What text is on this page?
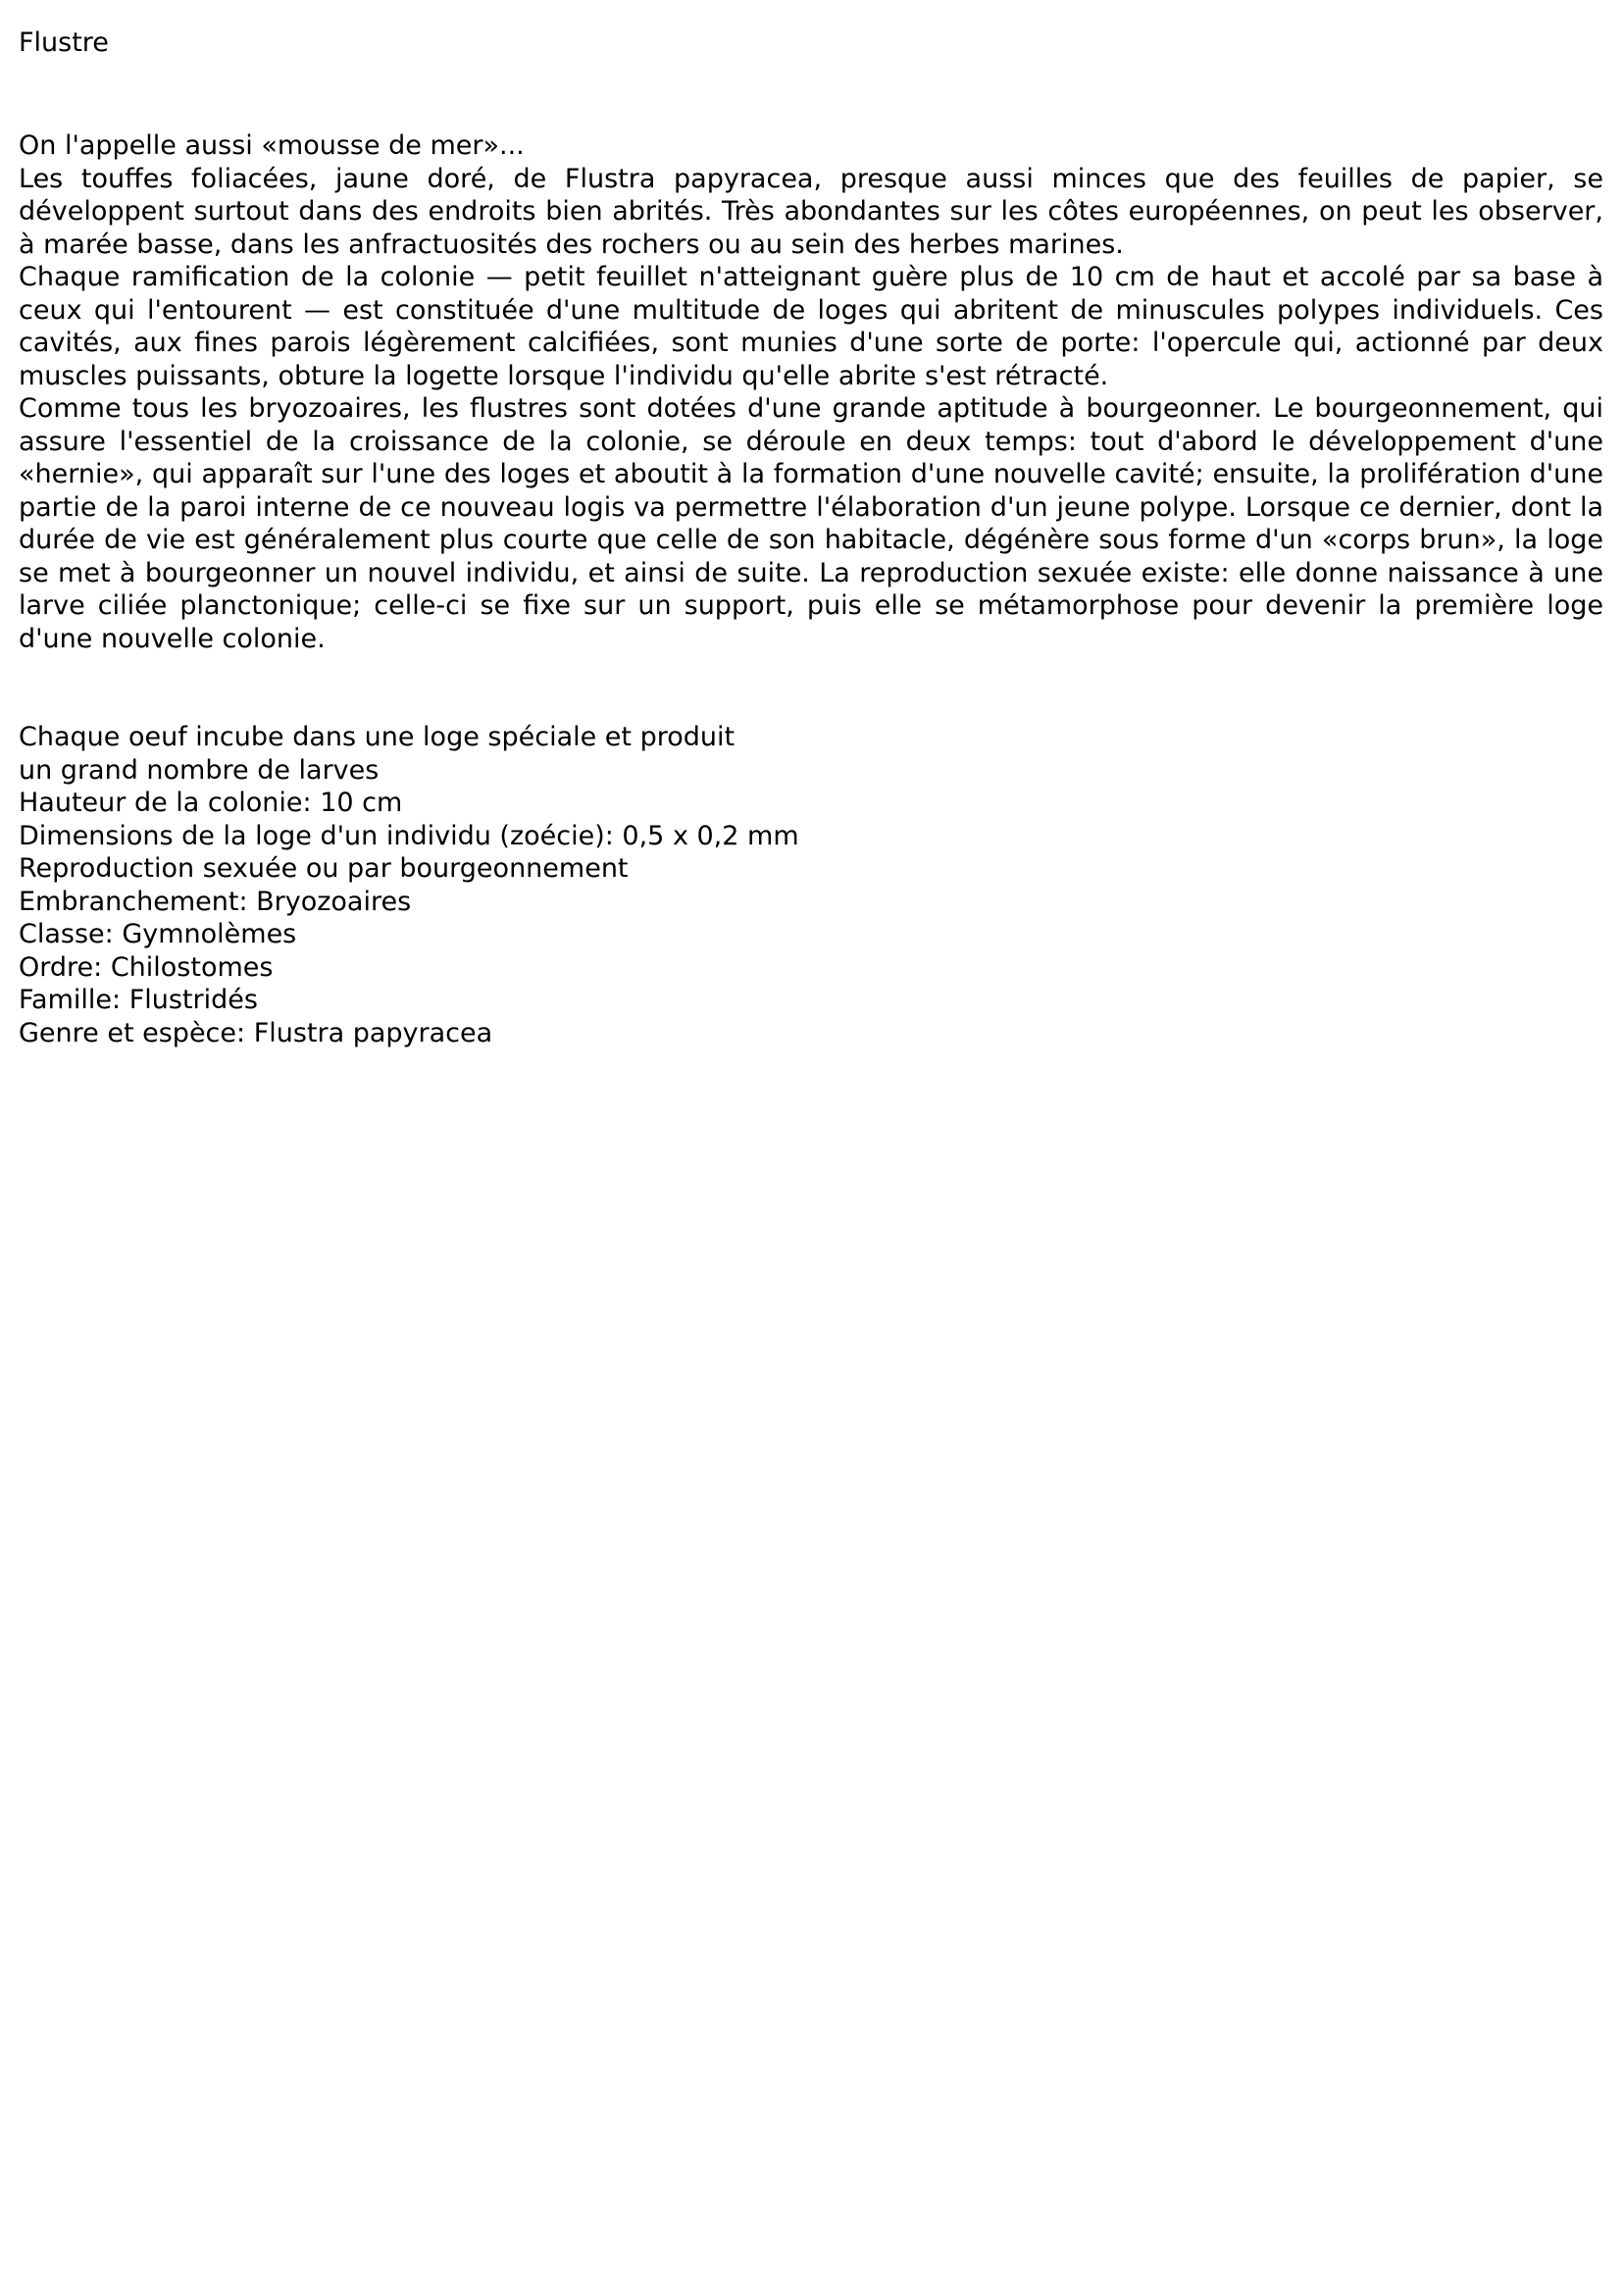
Flustre

On l'appelle aussi «mousse de mer»...

Les touffes foliacées, jaune doré, de Flustra papyracea, presque aussi minces que des feuilles de papier, se développent surtout dans des endroits bien abrités. Très abondantes sur les côtes européennes, on peut les observer, à marée basse, dans les anfractuosités des rochers ou au sein des herbes marines.

Chaque ramification de la colonie — petit feuillet n'atteignant guère plus de 10 cm de haut et accolé par sa base à ceux qui l'entourent — est constituée d'une multitude de loges qui abritent de minuscules polypes individuels. Ces cavités, aux fines parois légèrement calcifiées, sont munies d'une sorte de porte: l'opercule qui, actionné par deux muscles puissants, obture la logette lorsque l'individu qu'elle abrite s'est rétracté.

Comme tous les bryozoaires, les flustres sont dotées d'une grande aptitude à bourgeonner. Le bourgeonnement, qui assure l'essentiel de la croissance de la colonie, se déroule en deux temps: tout d'abord le développement d'une «hernie», qui apparaît sur l'une des loges et aboutit à la formation d'une nouvelle cavité; ensuite, la prolifération d'une partie de la paroi interne de ce nouveau logis va permettre l'élaboration d'un jeune polype. Lorsque ce dernier, dont la durée de vie est généralement plus courte que celle de son habitacle, dégénère sous forme d'un «corps brun», la loge se met à bourgeonner un nouvel individu, et ainsi de suite. La reproduction sexuée existe: elle donne naissance à une larve ciliée planctonique; celle-ci se fixe sur un support, puis elle se métamorphose pour devenir la première loge d'une nouvelle colonie.

Chaque oeuf incube dans une loge spéciale et produit

un grand nombre de larves

Hauteur de la colonie: 10 cm

Dimensions de la loge d'un individu (zoécie): 0,5 x 0,2 mm

Reproduction sexuée ou par bourgeonnement

Embranchement: Bryozoaires

Classe: Gymnolèmes

Ordre: Chilostomes

Famille: Flustridés

Genre et espèce: Flustra papyracea
